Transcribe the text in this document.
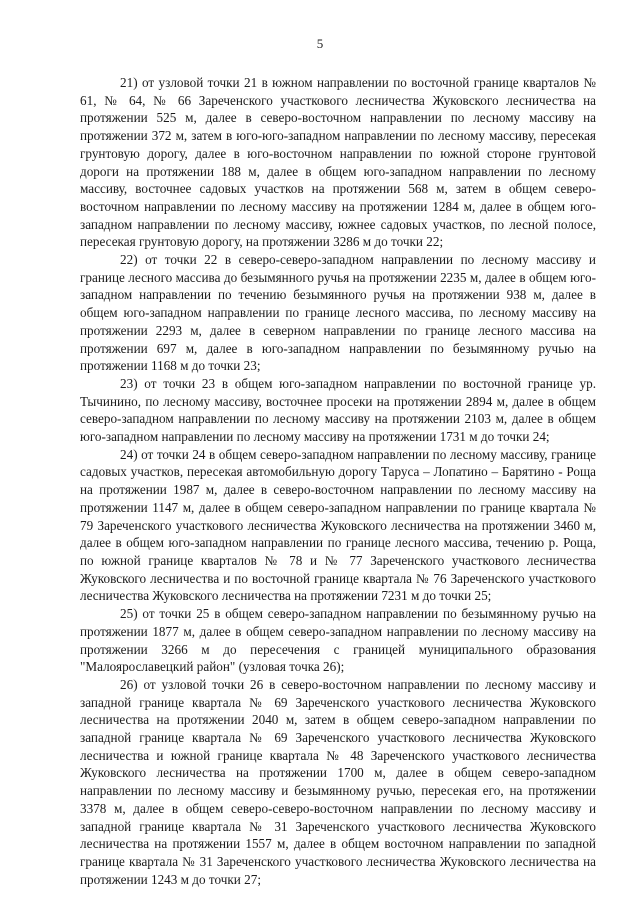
5

21) от узловой точки 21 в южном направлении по восточной границе кварталов № 61, № 64, № 66 Зареченского участкового лесничества Жуковского лесничества на протяжении 525 м, далее в северо-восточном направлении по лесному массиву на протяжении 372 м, затем в юго-юго-западном направлении по лесному массиву, пересекая грунтовую дорогу, далее в юго-восточном направлении по южной стороне грунтовой дороги на протяжении 188 м, далее в общем юго-западном направлении по лесному массиву, восточнее садовых участков на протяжении 568 м, затем в общем северо-восточном направлении по лесному массиву на протяжении 1284 м, далее в общем юго-западном направлении по лесному массиву, южнее садовых участков, по лесной полосе, пересекая грунтовую дорогу, на протяжении 3286 м до точки 22;

22) от точки 22 в северо-северо-западном направлении по лесному массиву и границе лесного массива до безымянного ручья на протяжении 2235 м, далее в общем юго-западном направлении по течению безымянного ручья на протяжении 938 м, далее в общем юго-западном направлении по границе лесного массива, по лесному массиву на протяжении 2293 м, далее в северном направлении по границе лесного массива на протяжении 697 м, далее в юго-западном направлении по безымянному ручью на протяжении 1168 м до точки 23;

23) от точки 23 в общем юго-западном направлении по восточной границе ур. Тычинино, по лесному массиву, восточнее просеки на протяжении 2894 м, далее в общем северо-западном направлении по лесному массиву на протяжении 2103 м, далее в общем юго-западном направлении по лесному массиву на протяжении 1731 м до точки 24;

24) от точки 24 в общем северо-западном направлении по лесному массиву, границе садовых участков, пересекая автомобильную дорогу Таруса – Лопатино – Барятино - Роща на протяжении 1987 м, далее в северо-восточном направлении по лесному массиву на протяжении 1147 м, далее в общем северо-западном направлении по границе квартала № 79 Зареченского участкового лесничества Жуковского лесничества на протяжении 3460 м, далее в общем юго-западном направлении по границе лесного массива, течению р. Роща, по южной границе кварталов № 78 и № 77 Зареченского участкового лесничества Жуковского лесничества и по восточной границе квартала № 76 Зареченского участкового лесничества Жуковского лесничества на протяжении 7231 м до точки 25;

25) от точки 25 в общем северо-западном направлении по безымянному ручью на протяжении 1877 м, далее в общем северо-западном направлении по лесному массиву на протяжении 3266 м до пересечения с границей муниципального образования "Малоярославецкий район" (узловая точка 26);

26) от узловой точки 26 в северо-восточном направлении по лесному массиву и западной границе квартала № 69 Зареченского участкового лесничества Жуковского лесничества на протяжении 2040 м, затем в общем северо-западном направлении по западной границе квартала № 69 Зареченского участкового лесничества Жуковского лесничества и южной границе квартала № 48 Зареченского участкового лесничества Жуковского лесничества на протяжении 1700 м, далее в общем северо-западном направлении по лесному массиву и безымянному ручью, пересекая его, на протяжении 3378 м, далее в общем северо-северо-восточном направлении по лесному массиву и западной границе квартала № 31 Зареченского участкового лесничества Жуковского лесничества на протяжении 1557 м, далее в общем восточном направлении по западной границе квартала № 31 Зареченского участкового лесничества Жуковского лесничества на протяжении 1243 м до точки 27;
